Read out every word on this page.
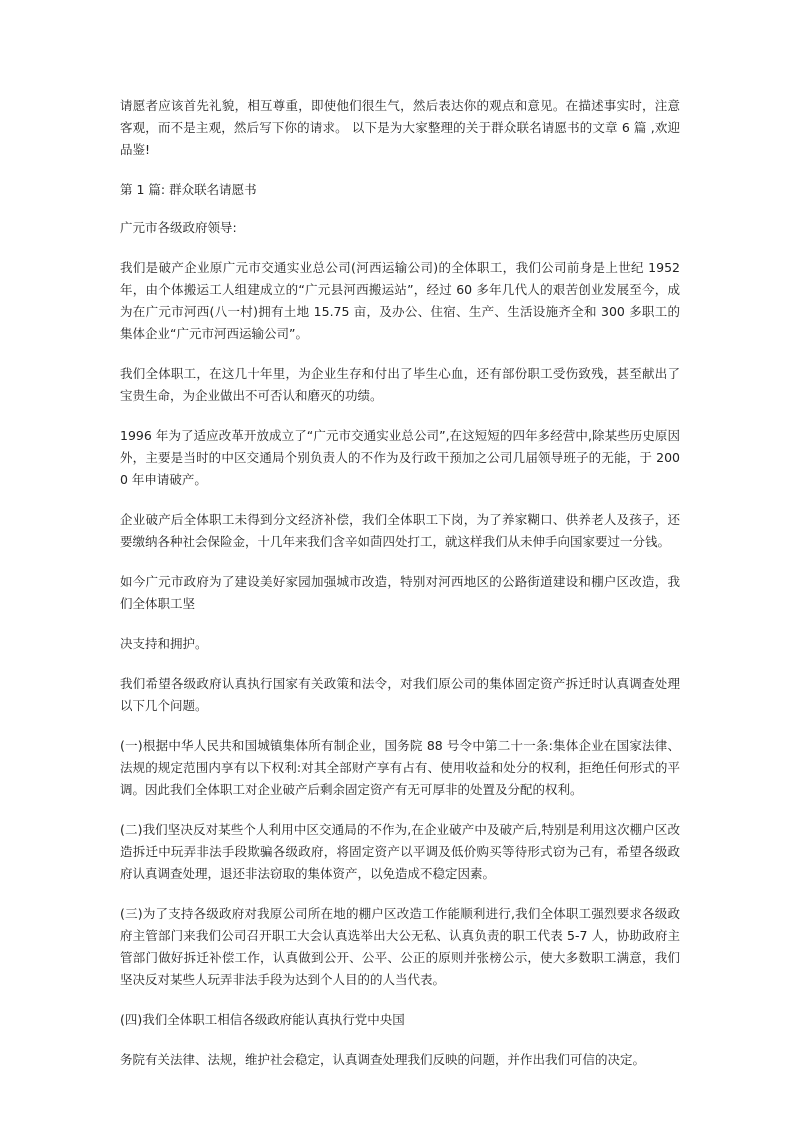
请愿者应该首先礼貌，相互尊重，即使他们很生气，然后表达你的观点和意见。在描述事实时，注意客观，而不是主观，然后写下你的请求。 以下是为大家整理的关于群众联名请愿书的文章 6 篇 ,欢迎品鉴!

第 1 篇: 群众联名请愿书

广元市各级政府领导:

我们是破产企业原广元市交通实业总公司(河西运输公司)的全体职工，我们公司前身是上世纪 1952 年，由个体搬运工人组建成立的“广元县河西搬运站”，经过 60 多年几代人的艰苦创业发展至今，成为在广元市河西(八一村)拥有土地 15.75 亩，及办公、住宿、生产、生活设施齐全和 300 多职工的集体企业“广元市河西运输公司”。

我们全体职工，在这几十年里，为企业生存和付出了毕生心血，还有部份职工受伤致残，甚至献出了宝贵生命，为企业做出不可否认和磨灭的功绩。

1996 年为了适应改革开放成立了“广元市交通实业总公司”,在这短短的四年多经营中,除某些历史原因外，主要是当时的中区交通局个别负责人的不作为及行政干预加之公司几届领导班子的无能，于 2000 年申请破产。

企业破产后全体职工未得到分文经济补偿，我们全体职工下岗，为了养家糊口、供养老人及孩子，还要缴纳各种社会保险金，十几年来我们含辛如茴四处打工，就这样我们从未伸手向国家要过一分钱。

如今广元市政府为了建设美好家园加强城市改造，特别对河西地区的公路街道建设和棚户区改造，我们全体职工坚

决支持和拥护。

我们希望各级政府认真执行国家有关政策和法令，对我们原公司的集体固定资产拆迁时认真调查处理以下几个问题。

(一)根据中华人民共和国城镇集体所有制企业，国务院 88 号令中第二十一条:集体企业在国家法律、法规的规定范围内享有以下权利:对其全部财产享有占有、使用收益和处分的权利，拒绝任何形式的平调。因此我们全体职工对企业破产后剩余固定资产有无可厚非的处置及分配的权利。

(二)我们坚决反对某些个人利用中区交通局的不作为,在企业破产中及破产后,特别是利用这次棚户区改造拆迁中玩弄非法手段欺骗各级政府，将固定资产以平调及低价购买等待形式窃为己有，希望各级政府认真调查处理，退还非法窃取的集体资产，以免造成不稳定因素。

(三)为了支持各级政府对我原公司所在地的棚户区改造工作能顺利进行,我们全体职工强烈要求各级政府主管部门来我们公司召开职工大会认真选举出大公无私、认真负责的职工代表 5-7 人，协助政府主管部门做好拆迁补偿工作，认真做到公开、公平、公正的原则并张榜公示，使大多数职工满意，我们坚决反对某些人玩弄非法手段为达到个人目的的人当代表。

(四)我们全体职工相信各级政府能认真执行党中央国

务院有关法律、法规，维护社会稳定，认真调查处理我们反映的问题，并作出我们可信的决定。
